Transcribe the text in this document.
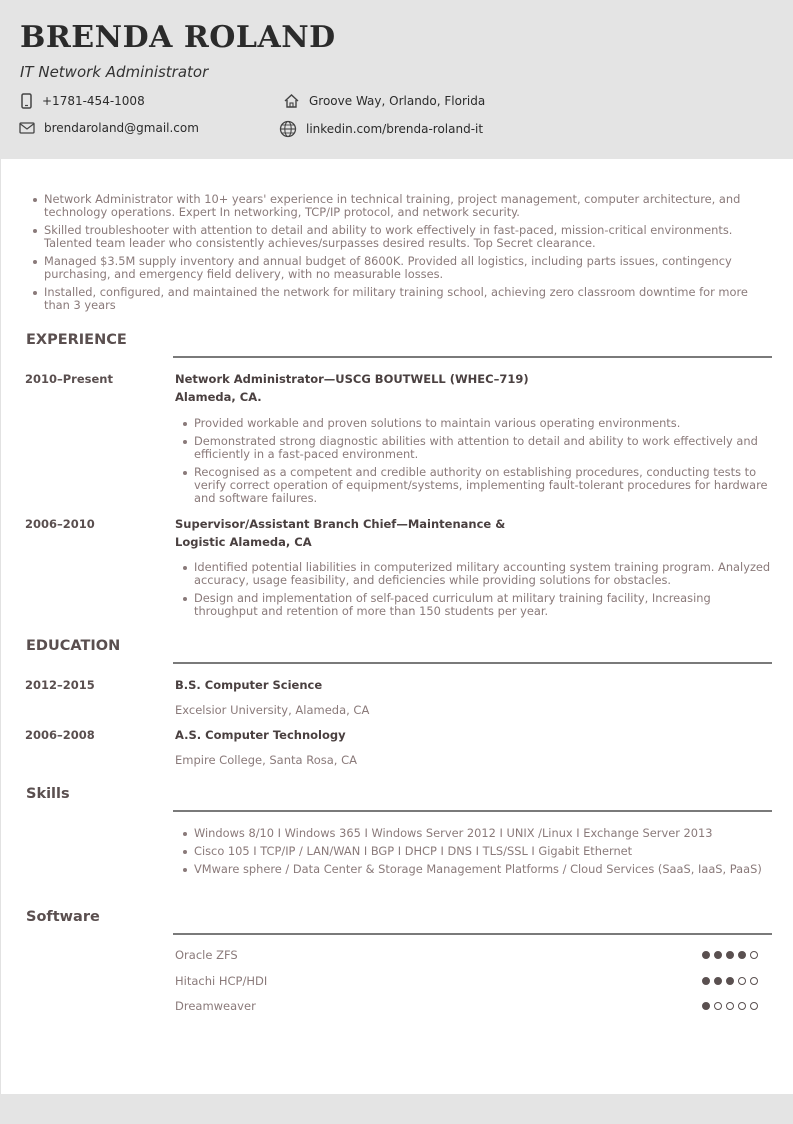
BRENDA ROLAND
IT Network Administrator
+1781-454-1008	Groove Way, Orlando, Florida
brendaroland@gmail.com	linkedin.com/brenda-roland-it
Network Administrator with 10+ years' experience in technical training, project management, computer architecture, and technology operations. Expert In networking, TCP/IP protocol, and network security.
Skilled troubleshooter with attention to detail and ability to work effectively in fast-paced, mission-critical environments. Talented team leader who consistently achieves/surpasses desired results. Top Secret clearance.
Managed $3.5M supply inventory and annual budget of 8600K. Provided all logistics, including parts issues, contingency purchasing, and emergency field delivery, with no measurable losses.
Installed, configured, and maintained the network for military training school, achieving zero classroom downtime for more than 3 years
EXPERIENCE
2010–Present	Network Administrator—USCG BOUTWELL (WHEC–719)
Alameda, CA.
Provided workable and proven solutions to maintain various operating environments.
Demonstrated strong diagnostic abilities with attention to detail and ability to work effectively and efficiently in a fast-paced environment.
Recognised as a competent and credible authority on establishing procedures, conducting tests to verify correct operation of equipment/systems, implementing fault-tolerant procedures for hardware and software failures.
2006–2010	Supervisor/Assistant Branch Chief—Maintenance & Logistic Alameda, CA
Identified potential liabilities in computerized military accounting system training program. Analyzed accuracy, usage feasibility, and deficiencies while providing solutions for obstacles.
Design and implementation of self-paced curriculum at military training facility, Increasing throughput and retention of more than 150 students per year.
EDUCATION
2012–2015	B.S. Computer Science
Excelsior University, Alameda, CA
2006–2008	A.S. Computer Technology
Empire College, Santa Rosa, CA
Skills
Windows 8/10 I Windows 365 I Windows Server 2012 I UNIX /Linux I Exchange Server 2013
Cisco 105 I TCP/IP / LAN/WAN I BGP I DHCP I DNS I TLS/SSL I Gigabit Ethernet
VMware sphere / Data Center & Storage Management Platforms / Cloud Services (SaaS, IaaS, PaaS)
Software
Oracle ZFS
Hitachi HCP/HDI
Dreamweaver
